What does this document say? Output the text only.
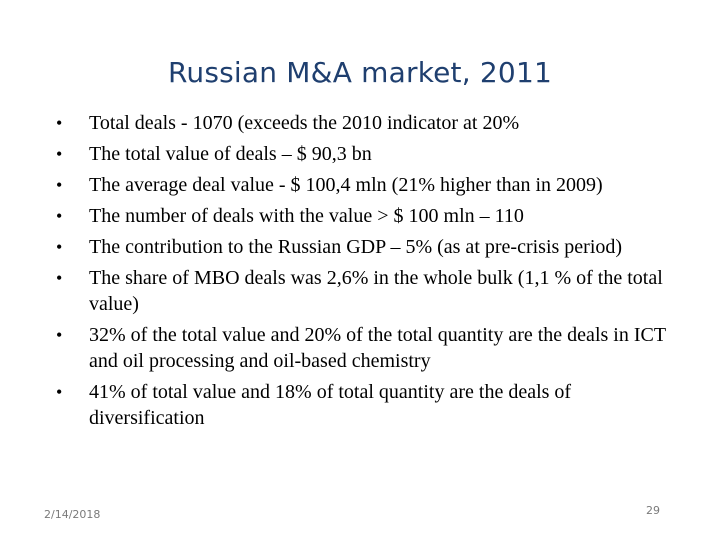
Russian M&A market, 2011
• Total deals - 1070 (exceeds the 2010 indicator at 20%
• The total value of deals – $ 90,3 bn
• The average deal value - $ 100,4 mln (21% higher than in 2009)
• The number of deals with the value > $ 100 mln – 110
• The contribution to the Russian GDP – 5% (as at pre-crisis period)
• The share of MBO deals was 2,6% in the whole bulk (1,1 % of the total value)
• 32% of the total value and 20% of the total quantity are the deals in ICT and oil processing and oil-based chemistry
• 41% of total value and 18% of total quantity are the deals of diversification
2/14/2018	29
